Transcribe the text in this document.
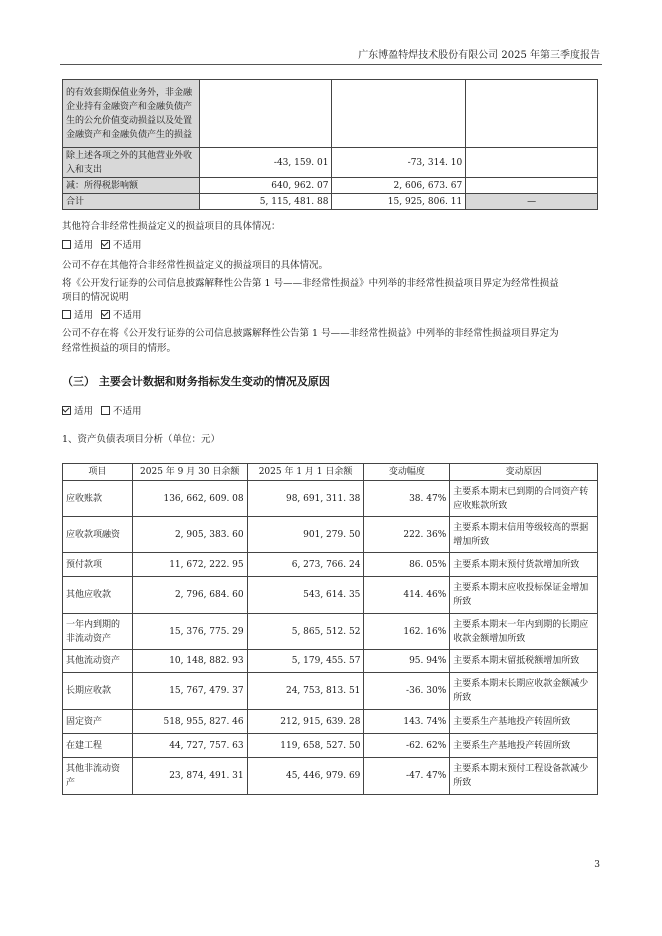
广东博盈特焊技术股份有限公司 2025 年第三季度报告
的有效套期保值业务外，非金融企业持有金融资产和金融负债产生的公允价值变动损益以及处置金融资产和金融负债产生的损益			
除上述各项之外的其他营业外收入和支出	-43, 159. 01	-73, 314. 10	
减：所得税影响额	640, 962. 07	2, 606, 673. 67	
合计	5, 115, 481. 88	15, 925, 806. 11	—
其他符合非经常性损益定义的损益项目的具体情况：
适用 不适用
公司不存在其他符合非经常性损益定义的损益项目的具体情况。
将《公开发行证券的公司信息披露解释性公告第 1 号——非经常性损益》中列举的非经常性损益项目界定为经常性损益
项目的情况说明
适用 不适用
公司不存在将《公开发行证券的公司信息披露解释性公告第 1 号——非经常性损益》中列举的非经常性损益项目界定为
经常性损益的项目的情形。
（三） 主要会计数据和财务指标发生变动的情况及原因
适用 不适用
1、资产负债表项目分析（单位：元）
项目	2025 年 9 月 30 日余额	2025 年 1 月 1 日余额	变动幅度	变动原因
应收账款	136, 662, 609. 08	98, 691, 311. 38	38. 47%	主要系本期末已到期的合同资产转应收账款所致
应收款项融资	2, 905, 383. 60	901, 279. 50	222. 36%	主要系本期末信用等级较高的票据增加所致
预付款项	11, 672, 222. 95	6, 273, 766. 24	86. 05%	主要系本期末预付货款增加所致
其他应收款	2, 796, 684. 60	543, 614. 35	414. 46%	主要系本期末应收投标保证金增加所致
一年内到期的非流动资产	15, 376, 775. 29	5, 865, 512. 52	162. 16%	主要系本期末一年内到期的长期应收款金额增加所致
其他流动资产	10, 148, 882. 93	5, 179, 455. 57	95. 94%	主要系本期末留抵税额增加所致
长期应收款	15, 767, 479. 37	24, 753, 813. 51	-36. 30%	主要系本期末长期应收款金额减少所致
固定资产	518, 955, 827. 46	212, 915, 639. 28	143. 74%	主要系生产基地投产转固所致
在建工程	44, 727, 757. 63	119, 658, 527. 50	-62. 62%	主要系生产基地投产转固所致
其他非流动资产	23, 874, 491. 31	45, 446, 979. 69	-47. 47%	主要系本期末预付工程设备款减少所致
3
